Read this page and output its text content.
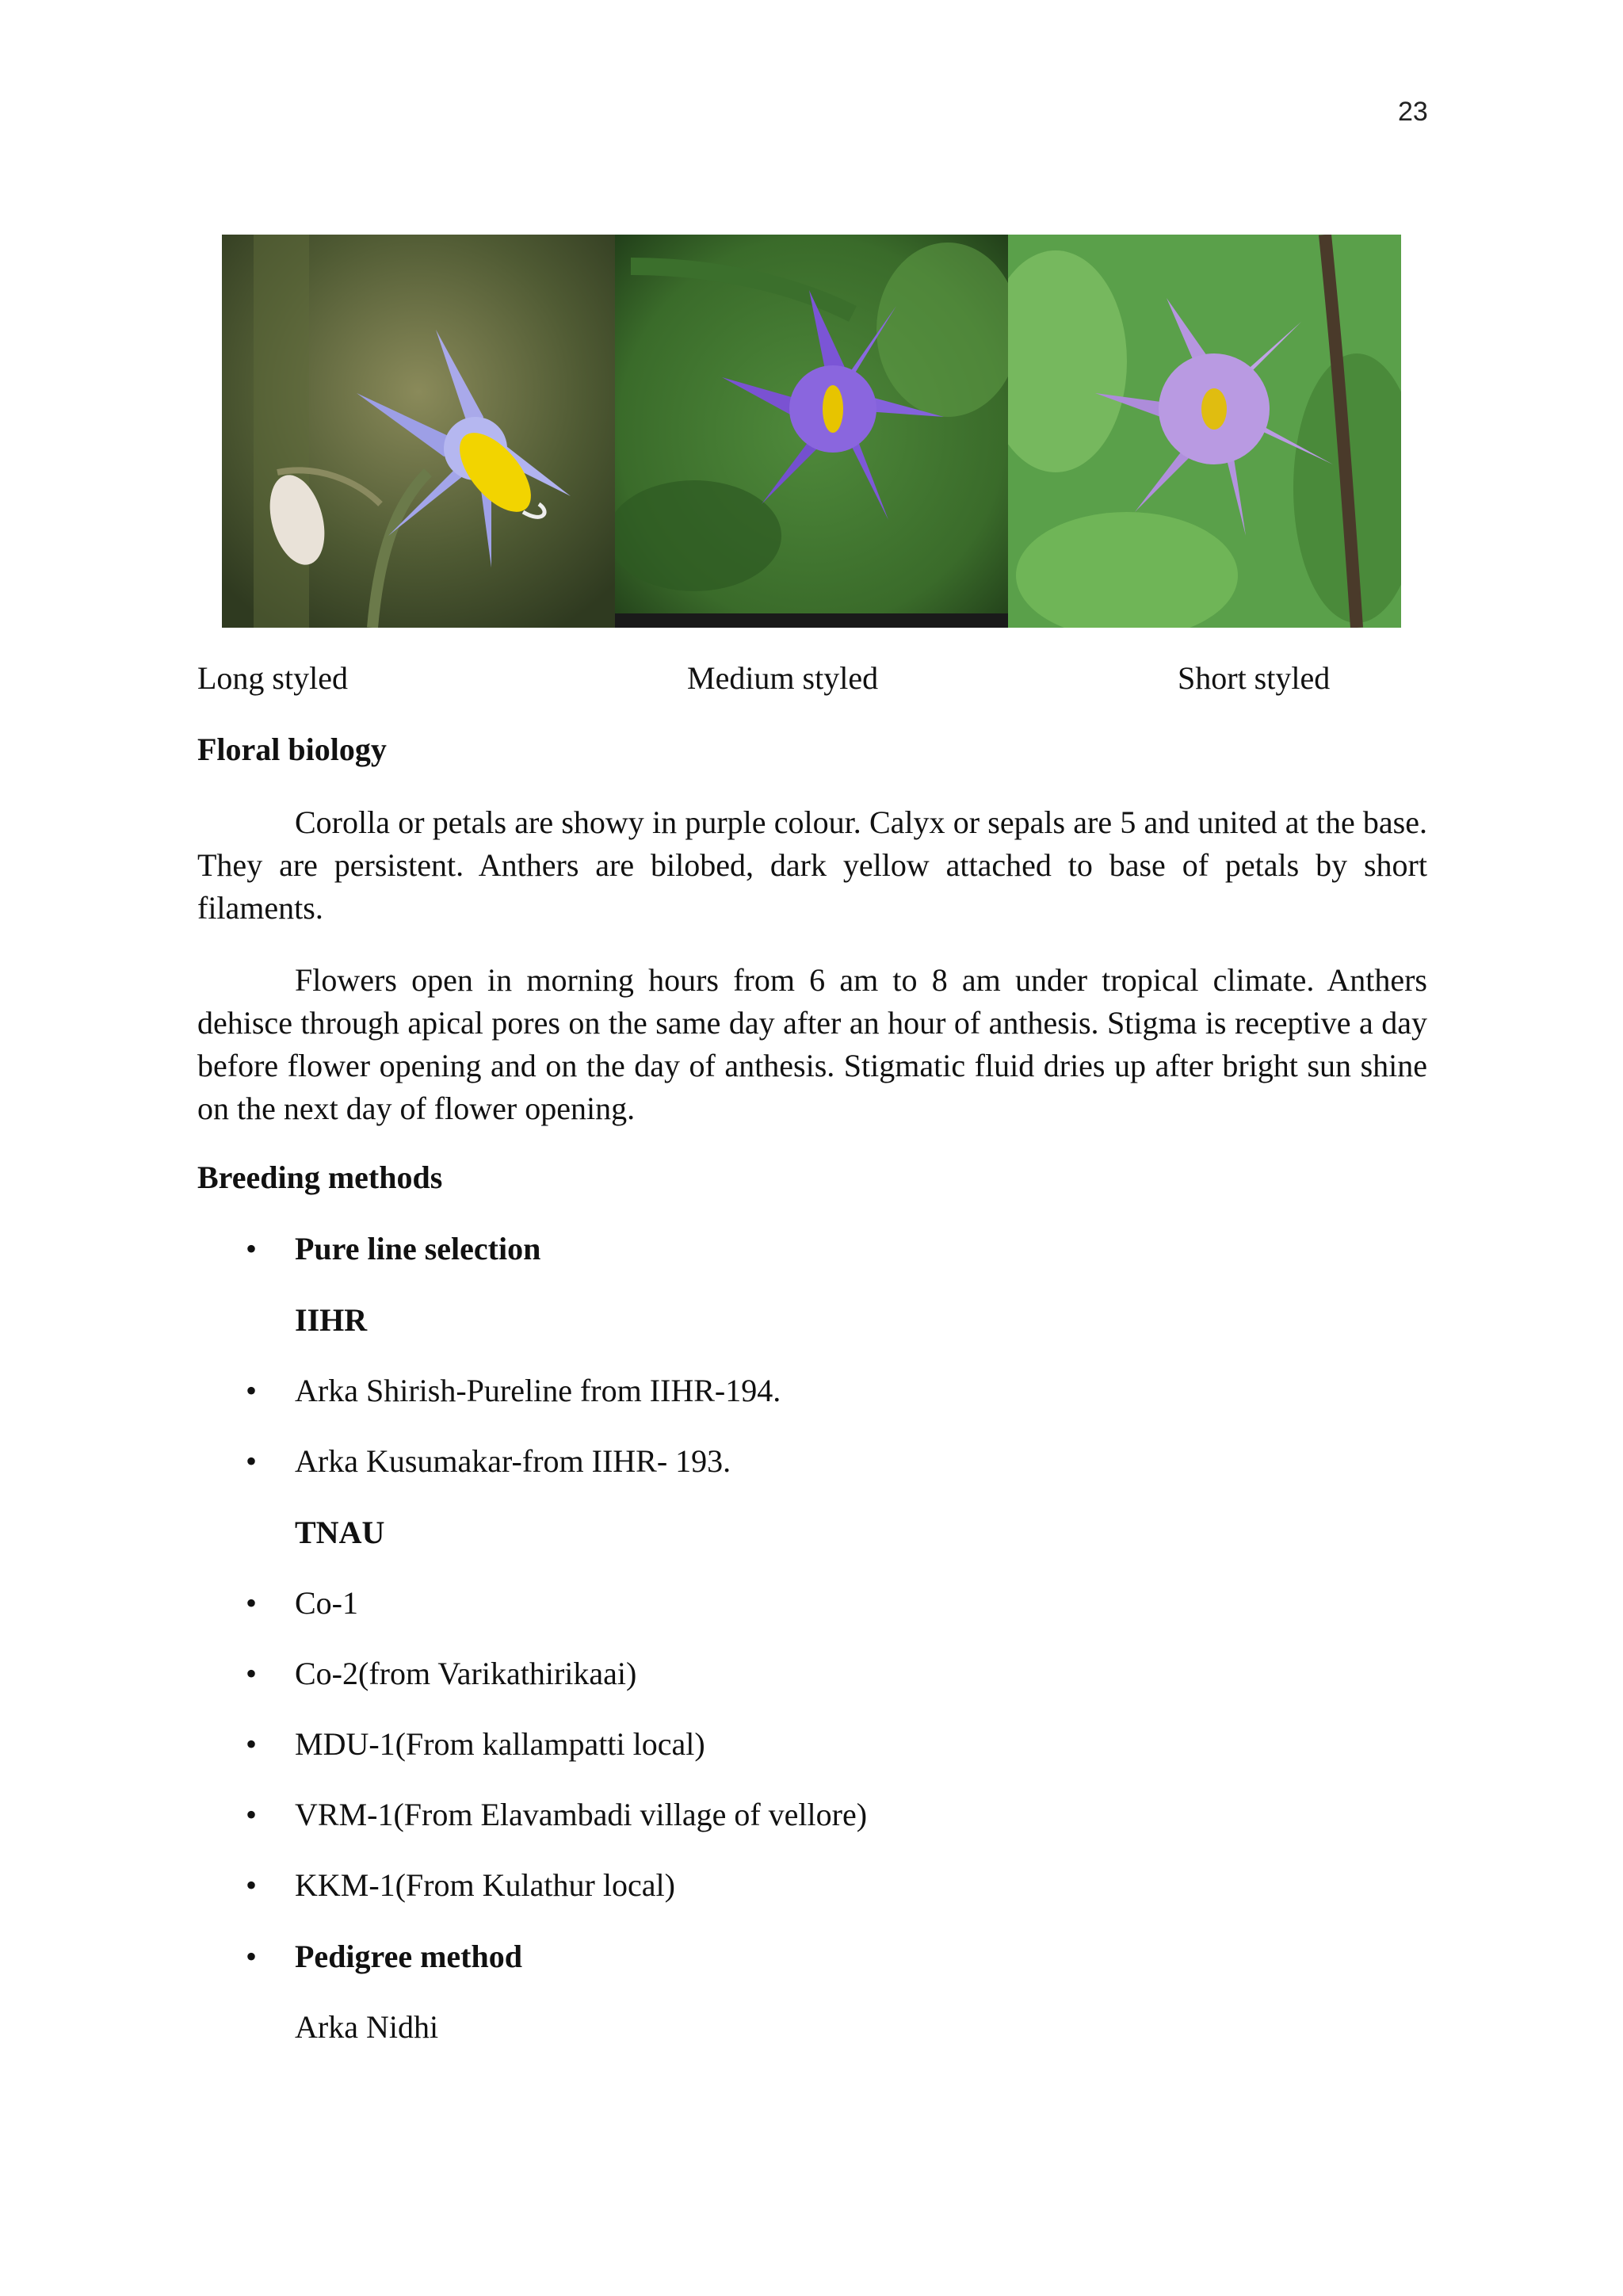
23
Long styled	Medium styled	Short styled
Floral biology
Corolla or petals are showy in purple colour. Calyx or sepals are 5 and united at the base. They are persistent. Anthers are bilobed, dark yellow attached to base of petals by short filaments.
Flowers open in morning hours from 6 am to 8 am under tropical climate. Anthers dehisce through apical pores on the same day after an hour of anthesis. Stigma is receptive a day before flower opening and on the day of anthesis. Stigmatic fluid dries up after bright sun shine on the next day of flower opening.
Breeding methods
•	Pure line selection
IIHR
•	Arka Shirish-Pureline from IIHR-194.
•	Arka Kusumakar-from IIHR- 193.
TNAU
•	Co-1
•	Co-2(from Varikathirikaai)
•	MDU-1(From kallampatti local)
•	VRM-1(From Elavambadi village of vellore)
•	KKM-1(From Kulathur local)
•	Pedigree method
Arka Nidhi
